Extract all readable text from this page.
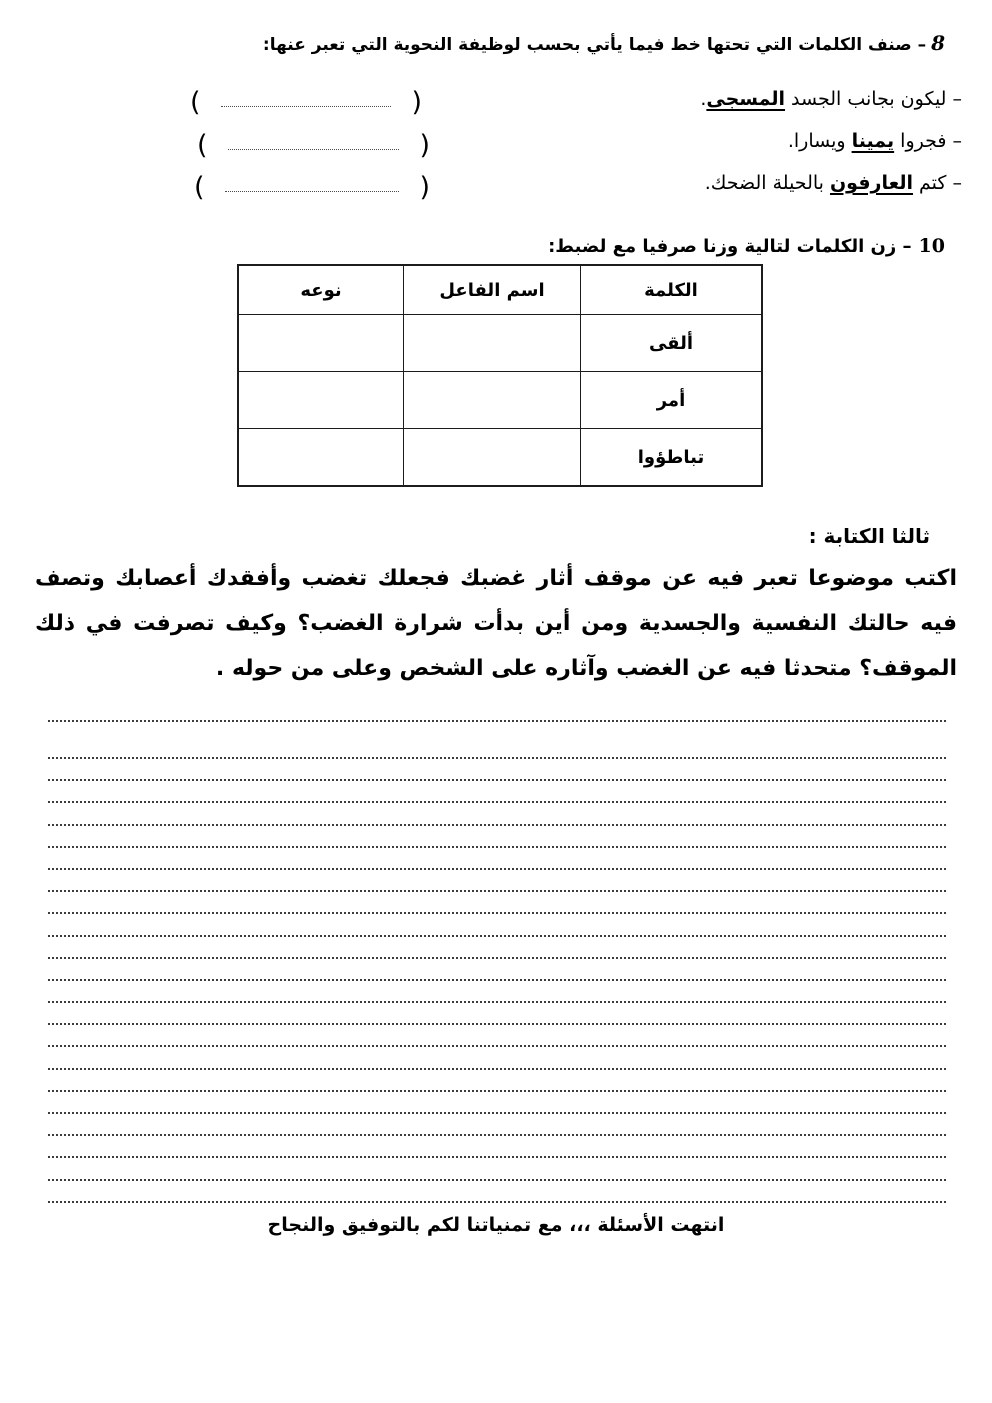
8
– صنف الكلمات التي تحتها خط فيما يأتي بحسب لوظيفة النحوية التي تعبر عنها:
– ليكون بجانب الجسد المسجى.
– فجروا يمينا ويسارا.
– كتم العارفون بالحيلة الضحك.
(	)
(	)
(	)
10
– زن الكلمات لتالية وزنا صرفيا مع لضبط:
الكلمة	اسم الفاعل	نوعه
ألقى		
أمر		
تباطؤوا		
ثالثا الكتابة :
اكتب موضوعا تعبر فيه عن موقف أثار غضبك فجعلك تغضب وأفقدك أعصابك وتصف فيه حالتك النفسية والجسدية ومن أين بدأت شرارة الغضب؟ وكيف تصرفت في ذلك الموقف؟ متحدثا فيه عن الغضب وآثاره على الشخص وعلى من حوله .
انتهت الأسئلة ،،، مع تمنياتنا لكم بالتوفيق والنجاح
